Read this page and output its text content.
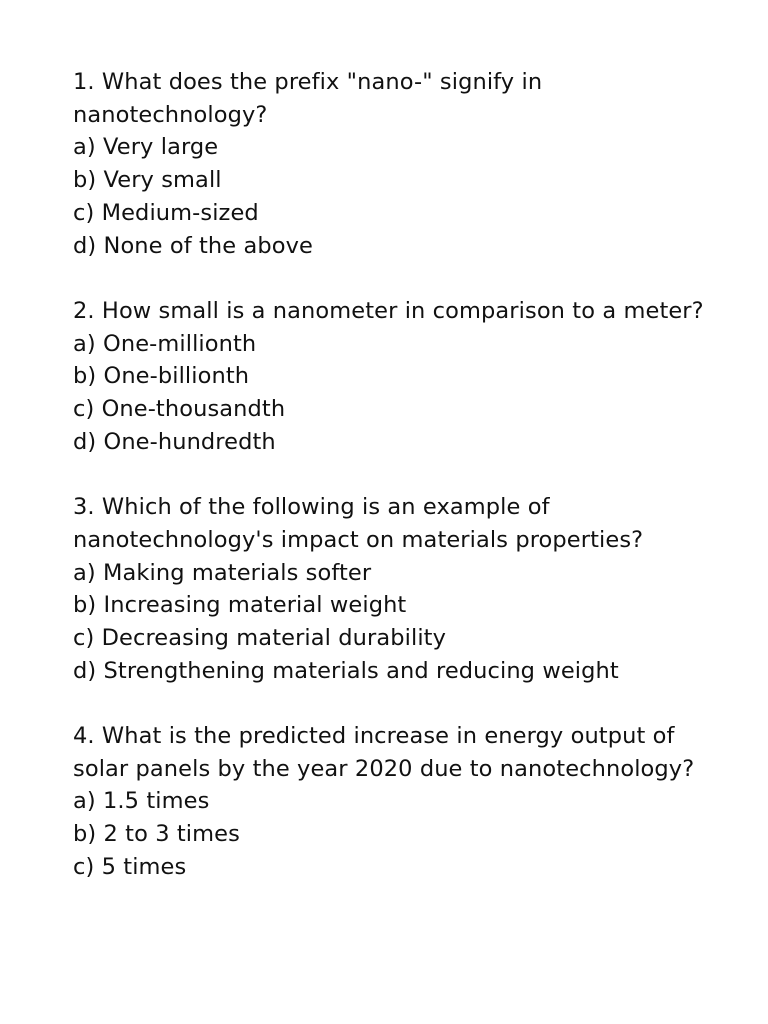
1. What does the prefix "nano-" signify in nanotechnology?
a) Very large
b) Very small
c) Medium-sized
d) None of the above
2. How small is a nanometer in comparison to a meter?
a) One-millionth
b) One-billionth
c) One-thousandth
d) One-hundredth
3. Which of the following is an example of nanotechnology's impact on materials properties?
a) Making materials softer
b) Increasing material weight
c) Decreasing material durability
d) Strengthening materials and reducing weight
4. What is the predicted increase in energy output of solar panels by the year 2020 due to nanotechnology?
a) 1.5 times
b) 2 to 3 times
c) 5 times
